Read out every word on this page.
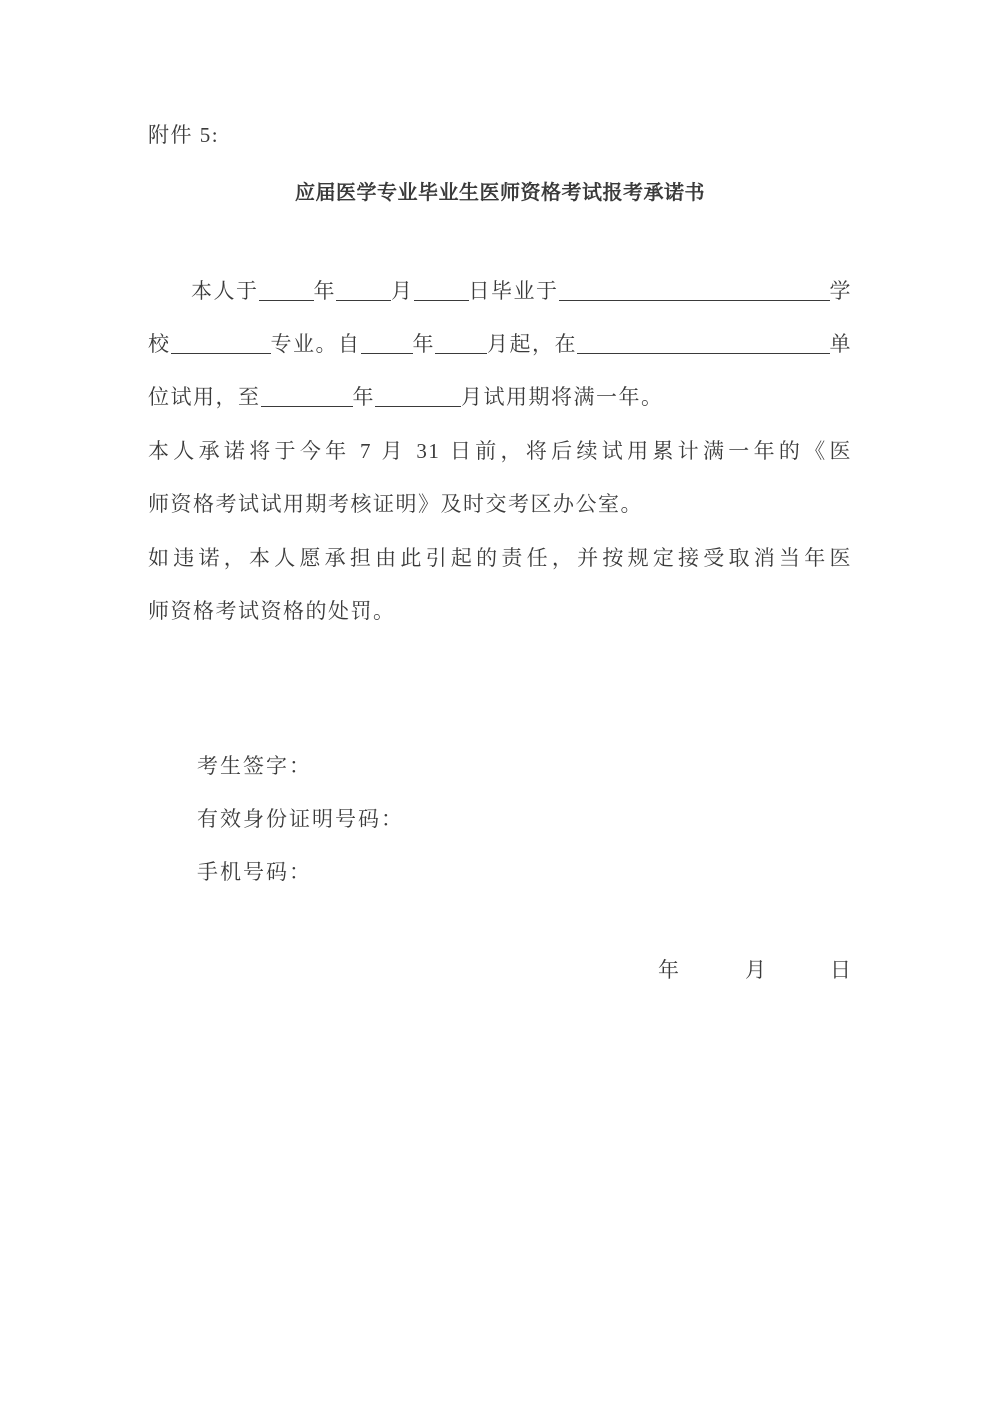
附件 5:
应届医学专业毕业生医师资格考试报考承诺书
本人于	年	月	日毕业于	学
校	专业。自 年 月起，在	单
位试用，至	年	月试用期将满一年。
本人承诺将于今年 7 月 31 日前，将后续试用累计满一年的《医
师资格考试试用期考核证明》及时交考区办公室。
如违诺，本人愿承担由此引起的责任，并按规定接受取消当年医
师资格考试资格的处罚。
考生签字：
有效身份证明号码：
手机号码：
年	月	日
